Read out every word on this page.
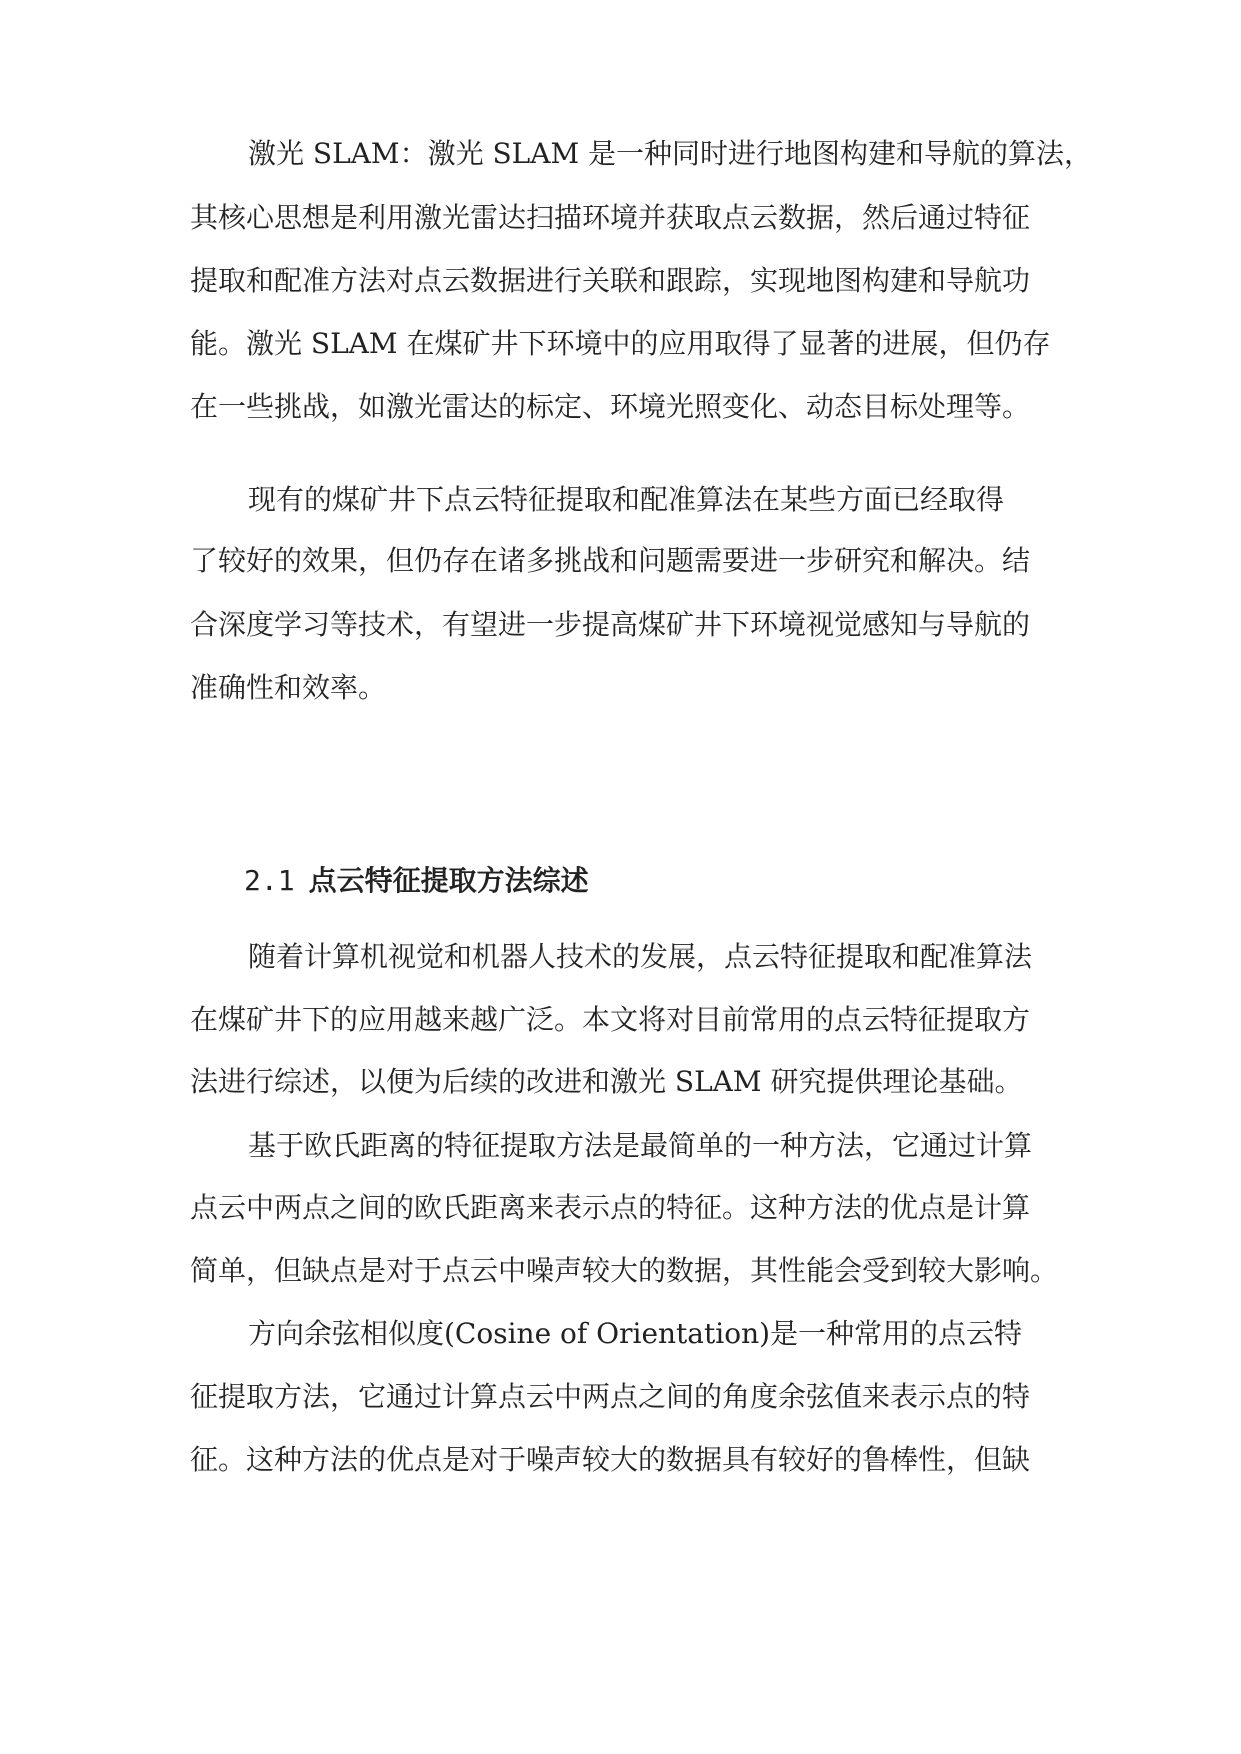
激光 SLAM：激光 SLAM 是一种同时进行地图构建和导航的算法，
其核心思想是利用激光雷达扫描环境并获取点云数据，然后通过特征
提取和配准方法对点云数据进行关联和跟踪，实现地图构建和导航功
能。激光 SLAM 在煤矿井下环境中的应用取得了显著的进展，但仍存
在一些挑战，如激光雷达的标定、环境光照变化、动态目标处理等。
现有的煤矿井下点云特征提取和配准算法在某些方面已经取得
了较好的效果，但仍存在诸多挑战和问题需要进一步研究和解决。结
合深度学习等技术，有望进一步提高煤矿井下环境视觉感知与导航的
准确性和效率。
2.1 点云特征提取方法综述
随着计算机视觉和机器人技术的发展，点云特征提取和配准算法
在煤矿井下的应用越来越广泛。本文将对目前常用的点云特征提取方
法进行综述，以便为后续的改进和激光 SLAM 研究提供理论基础。
基于欧氏距离的特征提取方法是最简单的一种方法，它通过计算
点云中两点之间的欧氏距离来表示点的特征。这种方法的优点是计算
简单，但缺点是对于点云中噪声较大的数据，其性能会受到较大影响。
方向余弦相似度(Cosine of Orientation)是一种常用的点云特
征提取方法，它通过计算点云中两点之间的角度余弦值来表示点的特
征。这种方法的优点是对于噪声较大的数据具有较好的鲁棒性，但缺
